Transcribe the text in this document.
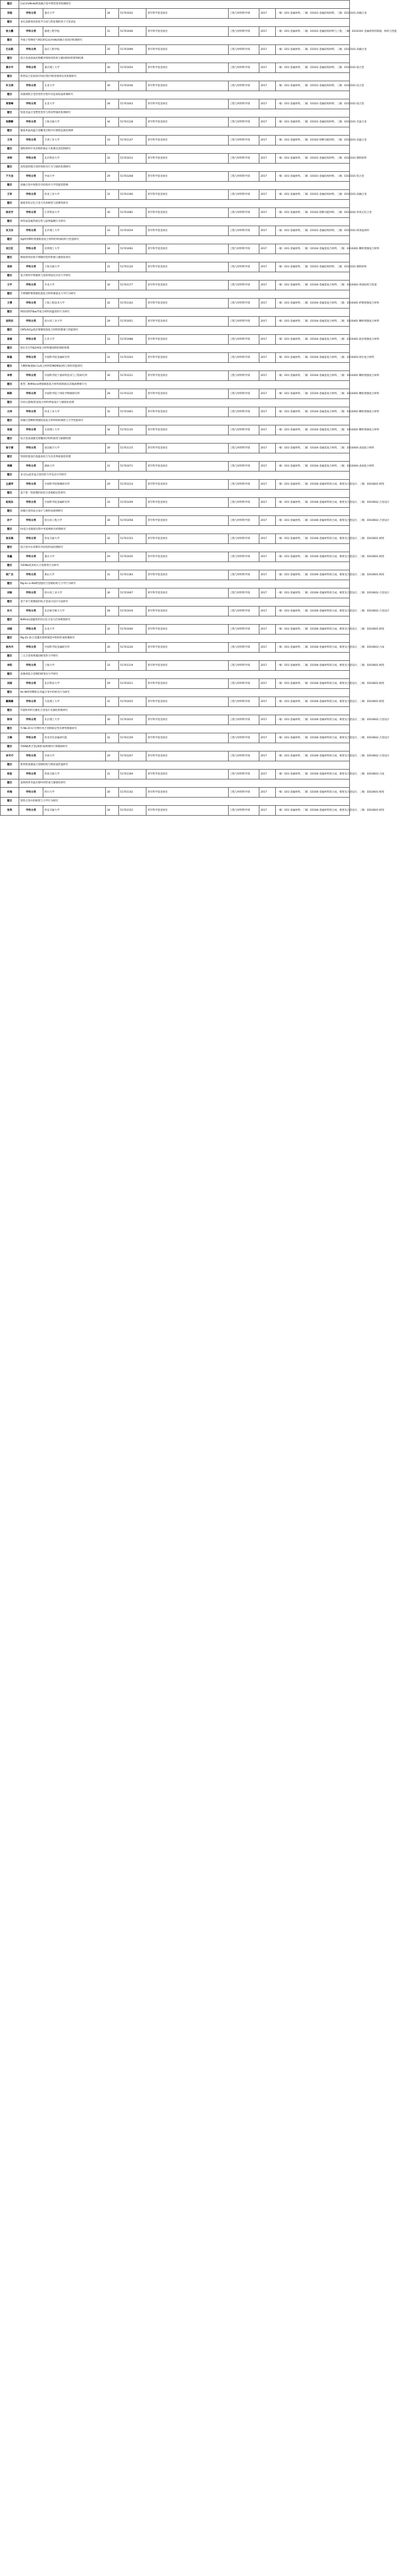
题目	CoCrFeMnNi系高熵合金中塑性变形机制研究							
邓超	学科分类	重庆大学	34	51701032	青年科学基金项目	工程与材料科学部	2017	一级：E01-金属材料，二级：E0101-金属结构材料，三级：E010101-高熵合金
题目	多孔前驱体化软化学合成与热处理的原子尺度表征							
张大鹏	学科分类	福建工程学院	31	51701046	青年科学基金项目	工程与材料科学部	2017	一级：E01-金属材料，二级：E0101-金属结构材料与工程，三级：E010101-金属材料的制备，组织与性能
题目	导离子型梯度气相沉积CoCrFeNi高熵合金涂层机理研究							
巴志新	学科分类	南京工程学院	35	51701099	青年科学基金项目	工程与材料科学部	2017	一级：E01-金属材料，二级：E0101-金属结构材料，三级：E010101-高熵合金
题目	镁合金表面氧化物膜对熔体纯净度与凝固组织的影响机理							
黄水平	学科分类	重庆理工大学	30	51701054	青年科学基金项目	工程与材料科学部	2017	一级：E01-金属材料，二级：E0101-金属结构材料，三级：E010101-镁合金
题目	典型钛合金加热/冷却过程中相变规律及其机理研究							
许文涛	学科分类	东北大学	30	51701036	青年科学基金项目	工程与材料科学部	2017	一级：E01-金属材料，二级：E0101-金属结构材料，三级：E010101-钛合金
题目	高强韧镁合金热变形过程中动态再结晶机制研究							
周雪峰	学科分类	东北大学	28	51701043	青年科学基金项目	工程与材料科学部	2017	一级：E01-金属材料，二级：E0101-金属结构材料，三级：E010101-镁合金
题目	铁基非晶合金塑性变形与剪切带演化机理研究							
张静静	学科分类	上海交通大学	34	51701128	青年科学基金项目	工程与材料科学部	2017	一级：E01-金属材料，二级：E0101-金属结构材料，三级：E010101-非晶合金
题目	镍基单晶高温合金蠕变过程中位错组态演化规律							
王伟	学科分类	天津工业大学	33	51701147	青年科学基金项目	工程与材料科学部	2017	一级：E01-金属材料，二级：E0102-特种功能材料，三级：E010201-高温合金
题目	钢铁材料中夹杂物形核长大机制及其控制研究							
李明	学科分类	北京科技大学	32	51701012	青年科学基金项目	工程与材料科学部	2017	一级：E01-金属材料，二级：E0101-金属结构材料，三级：E010101-钢铁材料
题目	高性能铝锂合金时效析出行为与强化机理研究							
于天龙	学科分类	中南大学	29	51701208	青年科学基金项目	工程与材料科学部	2017	一级：E01-金属材料，二级：E0101-金属结构材料，三级：E010101-铝合金
题目	高熵合金中短程有序结构对力学性能的影响							
王军	学科分类	西北工业大学	31	51701166	青年科学基金项目	工程与材料科学部	2017	一级：E01-金属材料，二级：E0101-金属结构材料，三级：E010101-高熵合金
题目	铜基形状记忆合金马氏体相变与超弹性研究							
杨宏宇	学科分类	江苏科技大学	30	51701082	青年科学基金项目	工程与材料科学部	2017	一级：E01-金属材料，二级：E0102-特种功能材料，三级：E010202-形状记忆合金
题目	纳米晶金属热稳定性与晶界偏聚行为研究							
吴卫东	学科分类	长沙理工大学	33	51701019	青年科学基金项目	工程与材料科学部	2017	一级：E01-金属材料，二级：E0101-金属结构材料，三级：E010101-纳米晶材料
题目	Ag纳米颗粒增强银基复合材料的界面结构与性能研究							
吴江红	学科分类	昆明理工大学	34	51701092	青年科学基金项目	工程与材料科学部	2017	一级：E01-金属材料，二级：E0104-金属基复合材料，三级：E010401-颗粒增强复合材料
题目	梯度纳米结构不锈钢的变形机理与强韧化研究							
袁林	学科分类	上海交通大学	31	51701120	青年科学基金项目	工程与材料科学部	2017	一级：E01-金属材料，二级：E0101-金属结构材料，三级：E010101-钢铁材料
题目	复合材料中增强体与基体界面反应动力学研究							
王宇	学科分类	中北大学	30	51701177	青年科学基金项目	工程与材料科学部	2017	一级：E01-金属材料，二级：E0104-金属基复合材料，三级：E010402-界面结构与性能
题目	不锈钢纤维增强铝基复合材料制备及力学行为研究							
王博	学科分类	上海工程技术大学	32	51701102	青年科学基金项目	工程与材料科学部	2017	一级：E01-金属材料，二级：E0104-金属基复合材料，三级：E010401-纤维增强复合材料
题目	网状结构TiBw/Ti复合材料高温变形行为研究							
沈明杰	学科分类	哈尔滨工业大学	29	51701051	青年科学基金项目	工程与材料科学部	2017	一级：E01-金属材料，二级：E0104-金属基复合材料，三级：E010401-颗粒增强复合材料
题目	CNTs/SiCp混杂增强镁基复合材料的制备与性能研究							
姜丽	学科分类	江苏大学	33	51701088	青年科学基金项目	工程与材料科学部	2017	一级：E01-金属材料，二级：E0104-金属基复合材料，三级：E010401-混杂增强复合材料
题目	原位自生TiB2/Al复合材料凝固组织调控机理							
陈磊	学科分类	中国科学院金属研究所	31	51701203	青年科学基金项目	工程与材料科学部	2017	一级：E01-金属材料，二级：E0104-金属基复合材料，三级：E010403-原位复合材料
题目	大颗粒Ni基Ni-Cu复合材料的MEMS结构与组织性能研究							
李青	学科分类	中国科学院宁波材料技术与工程研究所	30	51701221	青年科学基金项目	工程与材料科学部	2017	一级：E01-金属材料，二级：E0104-金属基复合材料，三级：E010401-颗粒增强复合材料
题目	新型二维MXene增强铜基复合材料的制备及其载流摩擦行为							
韩新	学科分类	中国科学院兰州化学物理研究所	28	51701210	青年科学基金项目	工程与材料科学部	2017	一级：E01-金属材料，二级：E0104-金属基复合材料，三级：E010401-颗粒增强复合材料
题目	层状石墨烯/铝基复合材料界面设计与强韧化机理							
古伟	学科分类	河北工业大学	32	51701061	青年科学基金项目	工程与材料科学部	2017	一级：E01-金属材料，二级：E0104-金属基复合材料，三级：E010401-颗粒增强复合材料
题目	高熵合金颗粒增强铝基复合材料组织调控与力学性能研究							
张国	学科分类	太原理工大学	34	51701135	青年科学基金项目	工程与材料科学部	2017	一级：E01-金属材料，二级：E0104-金属基复合材料，三级：E010401-颗粒增强复合材料
题目	钛合金表面激光熔覆涂层组织演变与耐磨机理							
徐子康	学科分类	南昌航空大学	30	51701115	青年科学基金项目	工程与材料科学部	2017	一级：E01-金属材料，二级：E0104-金属基复合材料，三级：E010404-表面复合材料
题目	铁铬铝基涂层高温氧化行为及其界面演化机理							
周腾	学科分类	湖南大学	31	51701071	青年科学基金项目	工程与材料科学部	2017	一级：E01-金属材料，二级：E0104-金属基复合材料，三级：E010404-表面复合材料
题目	多元Cu基非晶合金的热力学及动力学研究							
左淑华	学科分类	中国科学院物理研究所	29	51701214	青年科学基金项目	工程与材料科学部	2017	一级：E01-金属材料，二级：E0106-金属材料的合成、相变及合金设计，三级：E010601-相变
题目	基于第一性原理的钛铝合金相稳定性研究							
赵旭东	学科分类	中国科学院金属研究所	33	51701209	青年科学基金项目	工程与材料科学部	2017	一级：E01-金属材料，二级：E0106-金属材料的合成、相变及合金设计，三级：E010602-合金设计
题目	高熵合金的成分设计与相形成规律研究							
孙宁	学科分类	哈尔滨工程大学	30	51701058	青年科学基金项目	工程与材料科学部	2017	一级：E01-金属材料，二级：E0106-金属材料的合成、相变及合金设计，三级：E010602-合金设计
题目	Fe基合金凝固过程中亚稳相析出机制研究							
张东海	学科分类	西安交通大学	32	51701153	青年科学基金项目	工程与材料科学部	2017	一级：E01-金属材料，二级：E0106-金属材料的合成、相变及合金设计，三级：E010601-相变
题目	镁合金中长周期有序结构形成机理研究							
张鑫	学科分类	重庆大学	29	51701035	青年科学基金项目	工程与材料科学部	2017	一级：E01-金属材料，二级：E0106-金属材料的合成、相变及合金设计，三级：E010601-相变
题目	TiZrNb基多组元合金相变行为研究							
侯广杰	学科分类	燕山大学	31	51701183	青年科学基金项目	工程与材料科学部	2017	一级：E01-金属材料，二级：E0106-金属材料的合成、相变及合金设计，三级：E010601-相变
题目	Mg-Sc-Li-Nd新型超轻合金相结构与力学行为研究							
刘畅	学科分类	哈尔滨工业大学	30	51701067	青年科学基金项目	工程与材料科学部	2017	一级：E01-金属材料，二级：E0106-金属材料的合成、相变及合金设计，三级：E010602-合金设计
题目	基于多尺度模拟的钛合金成分设计方法研究							
孙天	学科分类	北京航空航天大学	28	51701019	青年科学基金项目	工程与材料科学部	2017	一级：E01-金属材料，二级：E0106-金属材料的合成、相变及合金设计，三级：E010602-合金设计
题目	NiMnGa基磁性形状记忆合金马氏体相变研究							
刘晓	学科分类	东北大学	32	51701040	青年科学基金项目	工程与材料科学部	2017	一级：E01-金属材料，二级：E0106-金属材料的合成、相变及合金设计，三级：E010601-相变
题目	Mg-Zn-Zr合金激光增材制造中组织形成机制研究							
侯丹丹	学科分类	中国科学院金属研究所	30	51701226	青年科学基金项目	工程与材料科学部	2017	一级：E01-金属材料，二级：E0106-金属材料的合成、相变及合金设计，三级：E010603-合成
题目	三元合金体系液固相变热力学研究							
李阳	学科分类	上海大学	33	51701119	青年科学基金项目	工程与材料科学部	2017	一级：E01-金属材料，二级：E0106-金属材料的合成、相变及合金设计，三级：E010601-相变
题目	高强度低合金钢的相变动力学研究							
吴晓	学科分类	北京科技大学	29	51701011	青年科学基金项目	工程与材料科学部	2017	一级：E01-金属材料，二级：E0106-金属材料的合成、相变及合金设计，三级：E010601-相变
题目	Re-Ni纳米颗粒在高温合金中的析出行为研究							
戴璐璐	学科分类	大连理工大学	31	51701025	青年科学基金项目	工程与材料科学部	2017	一级：E01-金属材料，二级：E0106-金属材料的合成、相变及合金设计，三级：E010601-相变
题目	Ti基纳米析出强化合金设计及强化机理研究							
陈伟	学科分类	北京理工大学	30	51701010	青年科学基金项目	工程与材料科学部	2017	一级：E01-金属材料，二级：E0106-金属材料的合成、相变及合金设计，三级：E010602-合金设计
题目	Ti-Nb-Zr-Cr生物医用合金相稳定性及弹性模量研究							
王梅	学科分类	西北有色金属研究院	32	51701159	青年科学基金项目	工程与材料科学部	2017	一级：E01-金属材料，二级：E0106-金属材料的合成、相变及合金设计，三级：E010602-合金设计
题目	TiAlNb系合金γ相形成规律的计算模拟研究							
李可可	学科分类	中南大学	29	51701207	青年科学基金项目	工程与材料科学部	2017	一级：E01-金属材料，二级：E0106-金属材料的合成、相变及合金设计，三级：E010602-合金设计
题目	新型钒基储氢合金相结构与吸放氢性能研究							
杨思	学科分类	西南交通大学	31	51701169	青年科学基金项目	工程与材料科学部	2017	一级：E01-金属材料，二级：E0106-金属材料的合成、相变及合金设计，三级：E010603-合成
题目	氢致纳米孪晶在钢中的形成与强韧化研究							
何海	学科分类	四川大学	30	51701142	青年科学基金项目	工程与材料科学部	2017	一级：E01-金属材料，二级：E0106-金属材料的合成、相变及合金设计，三级：E010601-相变
题目	钒铁合金中的相变与力学行为研究							
张然	学科分类	西安交通大学	34	51701152	青年科学基金项目	工程与材料科学部	2017	一级：E01-金属材料，二级：E0106-金属材料的合成、相变及合金设计，三级：E010601-相变
